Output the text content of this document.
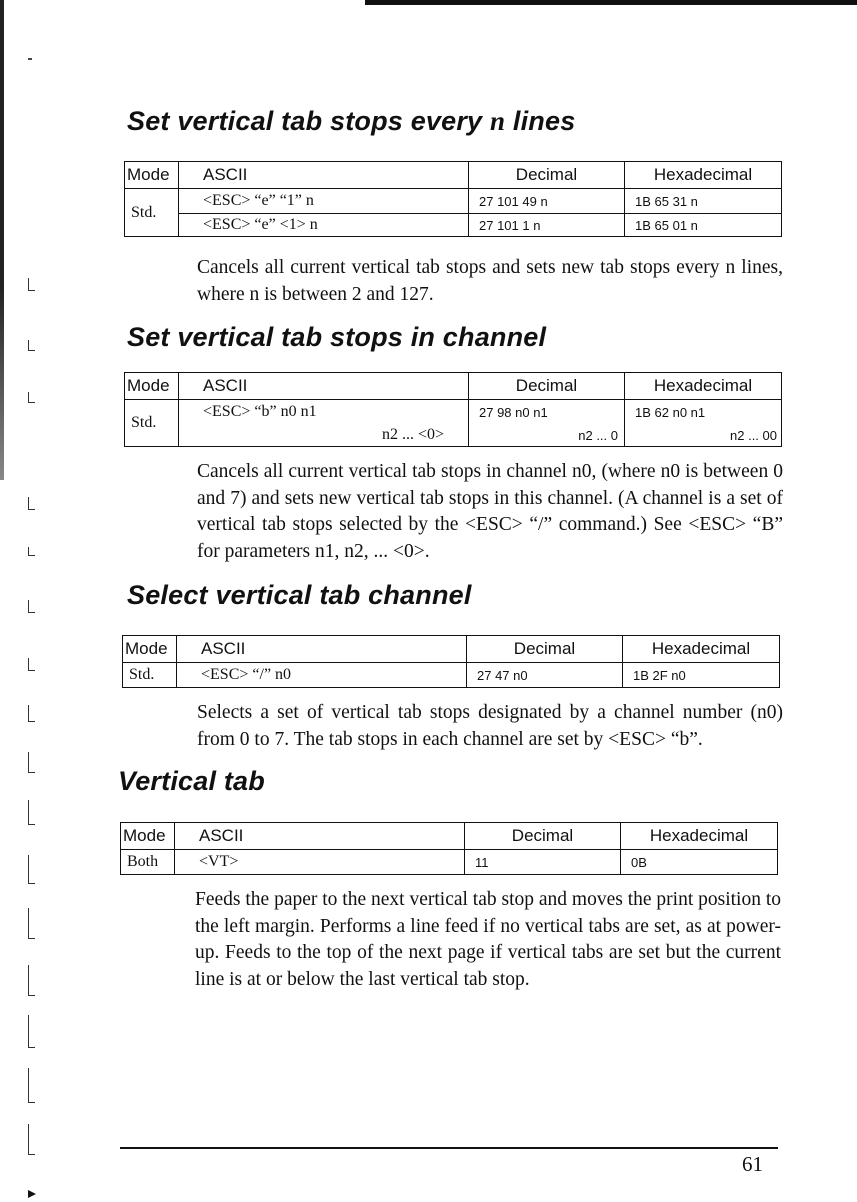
Set vertical tab stops every n lines
Mode	ASCII	Decimal	Hexadecimal
Std.	<ESC> “e” “1” n	27 101 49 n	1B 65 31 n
	<ESC> “e” <1> n	27 101 1 n	1B 65 01 n

Cancels all current vertical tab stops and sets new tab stops every n lines, where n is between 2 and 127.

Set vertical tab stops in channel
Mode	ASCII	Decimal	Hexadecimal
Std.	<ESC> “b” n0 n1	27 98 n0 n1	1B 62 n0 n1
	n2 ... <0>	n2 ... 0	n2 ... 00

Cancels all current vertical tab stops in channel n0, (where n0 is between 0 and 7) and sets new vertical tab stops in this channel. (A channel is a set of vertical tab stops selected by the <ESC> “/” command.) See <ESC> “B” for parameters n1, n2, ... <0>.

Select vertical tab channel
Mode	ASCII	Decimal	Hexadecimal
Std.	<ESC> “/” n0	27 47 n0	1B 2F n0

Selects a set of vertical tab stops designated by a channel number (n0) from 0 to 7. The tab stops in each channel are set by <ESC> “b”.

Vertical tab
Mode	ASCII	Decimal	Hexadecimal
Both	<VT>	11	0B

Feeds the paper to the next vertical tab stop and moves the print position to the left margin. Performs a line feed if no vertical tabs are set, as at power-up. Feeds to the top of the next page if vertical tabs are set but the current line is at or below the last vertical tab stop.

61
